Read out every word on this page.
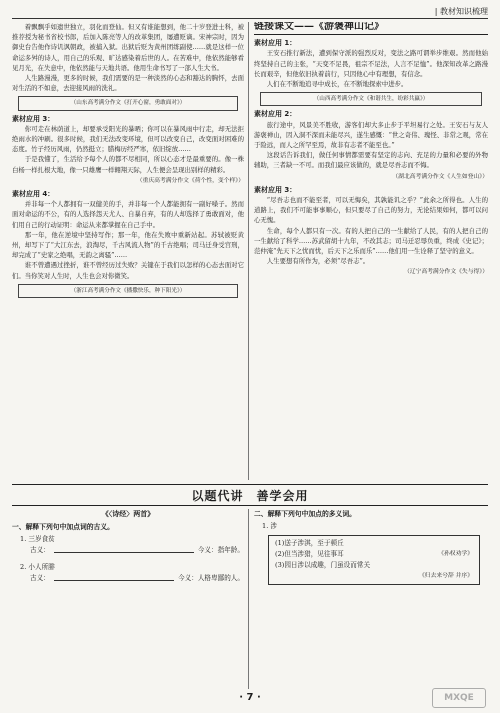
| 教材知识梳理

着飘飘乎如遗世独立，羽化而登仙。但又有谁能想到，他二十岁登进士科，被推荐授为秘书省校书郎，后加入陈亮等人的改革集团，屡遭贬谪。宋神宗时，因为御史台告他作诗讥讽朝政，被捕入狱。出狱后贬为黄州团练副使……就是这样一位命运多舛的诗人，用自己的乐观、旷达感染着后世的人。在苦难中，他依然能够看见月光，在失意中，他依然能与天地共语。他用生命书写了一部人生大书。

人生路漫漫，更多的时候，我们需要的是一种淡然的心态和豁达的胸怀，去面对生活的不如意，去迎接风雨的洗礼。

（山东高考满分作文《打开心窗，勇敢面对》）
素材应用 3：

你可走在林荫道上，却要承受阳光的暴晒；你可以在暴风雨中行走，却无法拒绝雨水的冲刷。很多时候，我们无法改变环境，但可以改变自己，改变面对困难的态度。竹子经历风雨，仍然挺立；腊梅历经严寒，依旧绽放……

于是我懂了，生活给予每个人的都不尽相同，所以心态才是最重要的。像一株白杨一样扎根大地，像一只雄鹰一样翱翔天际，人生便会呈现出别样的精彩。

（重庆高考满分作文《荷个性，变个样》）
素材应用 4：

并非每一个人都拥有一双健美的手，并非每一个人都能拥有一副好嗓子。然而面对命运的不公，有的人选择怨天尤人、自暴自弃，有的人却选择了勇敢面对，他们用自己的行动证明：命运从来都掌握在自己手中。

那一年，他在逆境中坚持写作；那一年，他在失败中重新站起。苏轼被贬黄州，却写下了“大江东去，浪淘尽，千古风流人物”的千古绝唱；司马迁身受宫刑，却完成了“史家之绝唱，无韵之离骚”……

谁不曾遭遇过挫折，谁不曾经历过失败？关键在于我们以怎样的心态去面对它们。当你笑对人生时，人生也会对你微笑。

（浙江高考满分作文《播撒快乐，种下阳光》）
链接课文——《游褒禅山记》
素材应用 1：

王安石推行新法，遭到保守派的强烈反对，变法之路可谓举步维艰。然而他始终坚持自己的主张，“天变不足畏，祖宗不足法，人言不足恤”。他深知改革之路漫长而艰辛，但他依旧执着前行，只因他心中有理想，有信念。

人们在不断地追寻中成长，在不断地探索中进步。

（山西高考满分作文《和谐共生，纷彩共赢》）
素材应用 2：

旅行途中，风景美不胜收，游客们却大多止步于平坦易行之处。王安石与友人游褒禅山，因入洞不深而未能尽兴，遂生感慨：“世之奇伟、瑰怪、非常之观，常在于险远，而人之所罕至焉，故非有志者不能至也。”

这段话告诉我们，做任何事情都需要有坚定的志向、充足的力量和必要的外物辅助，三者缺一不可。而我们最应该做的，就是尽吾志而不悔。

（湖北高考满分作文《人生如登山》）
素材应用 3：

“尽吾志也而不能至者，可以无悔矣，其孰能讥之乎？”此余之所得也。人生的道路上，我们不可能事事顺心，但只要尽了自己的努力，无论结果如何，都可以问心无愧。

生命，每个人都只有一次。有的人把自己的一生献给了人民，有的人把自己的一生献给了科学……苏武留胡十九年，不改其志；司马迁忍辱负重，终成《史记》；范仲淹“先天下之忧而忧，后天下之乐而乐”……他们用一生诠释了坚守的意义。

人生要想有所作为，必须“尽吾志”。

（辽宁高考满分作文《失与得》）
以题代讲　善学会用
《〈诗经〉两首》
一、解释下列句中加点词的古义。
1. 三岁食贫
古义：	今义：指年龄。
2. 小人所腓
古义：	今义：人格卑鄙的人。
二、解释下列句中加点的多义词。
1. 涉
(1) 送子涉淇，至于顿丘
(2) 但当涉猎，见往事耳	《孙权劝学》
(3) 园日涉以成趣，门虽设而常关
《归去来兮辞 并序》
· 7 ·	MXQE
